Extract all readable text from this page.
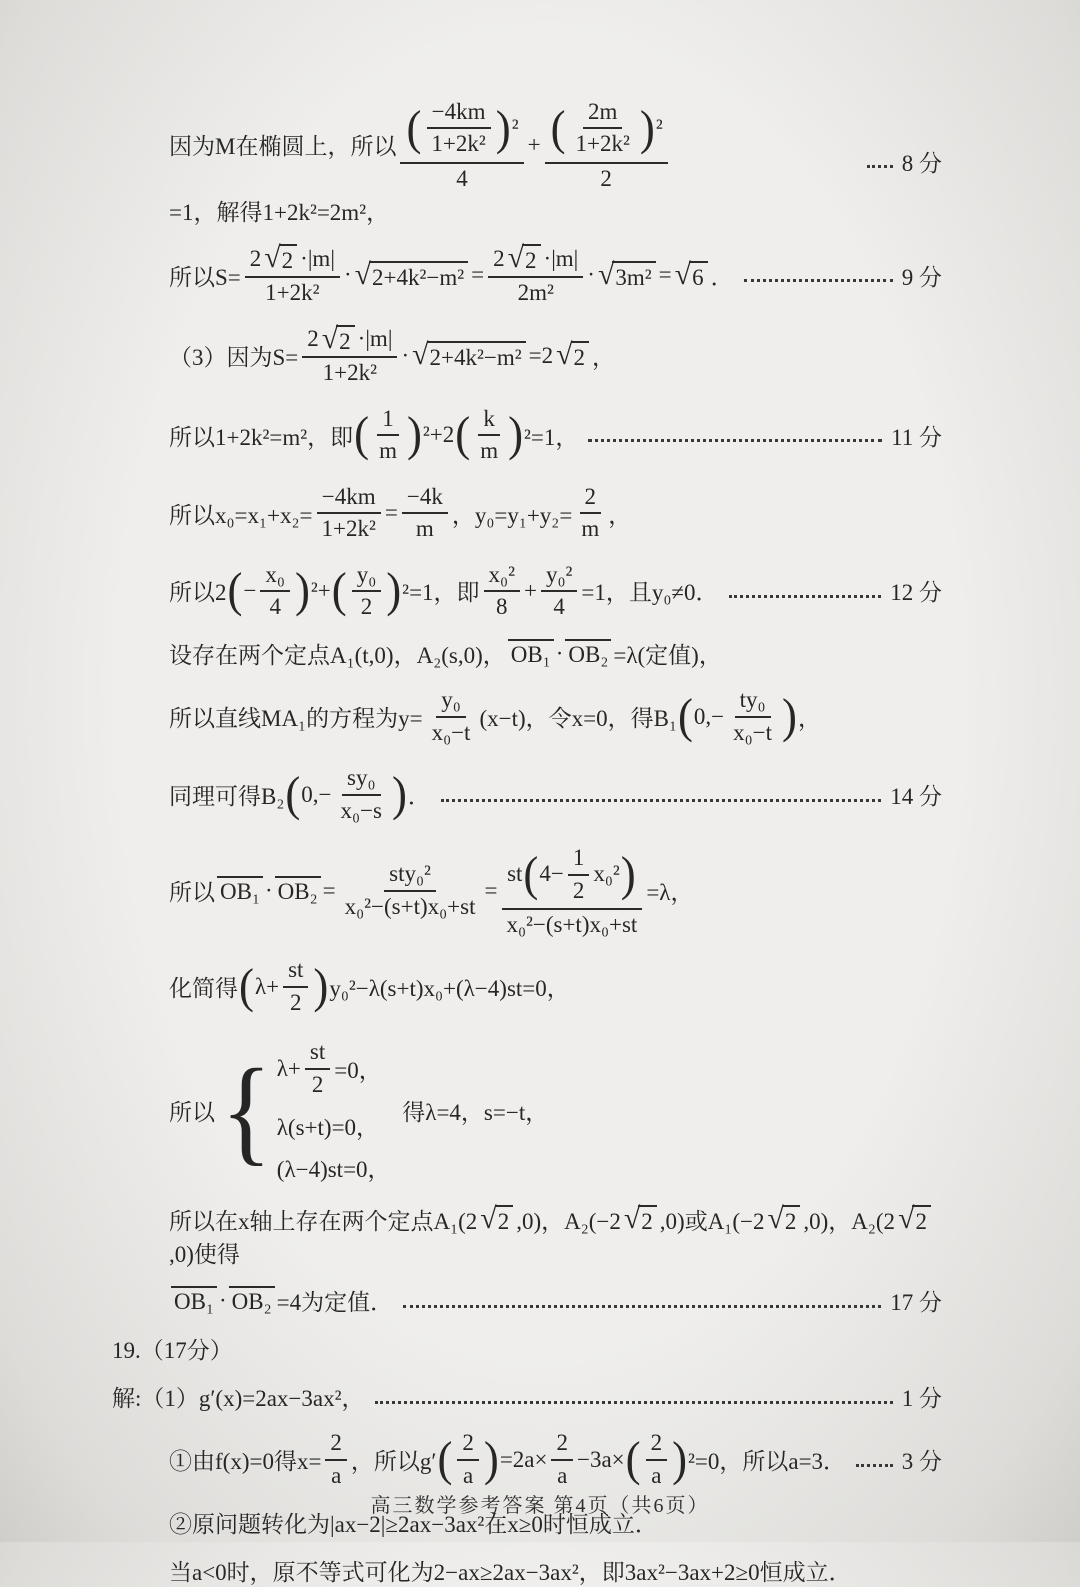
因为M在椭圆上，所以 $\frac{( \frac{-4km}{\text{1+2k²}} ) ^2}{4} + \frac{( \frac{2m}{\text{1+2k²}} ) ^2}{2}$
=1，解得1+2k²=2m²，
8 分
所以$S= \frac{2 √ 2 \cdot|m|}{\text{1+2k²}}$ · √ $2+4k^2-m^2 = \frac{2 √ 2 \cdot|m|}{\text{2m²}}$ · √ 3m² = √ 6 ．	9 分
（3）因为$S= \frac{2 √ 2 \cdot|m|}{\text{1+2k²}}$ · √ 2+4k²−m² =2 √ 2 ，
所以1+2k²=m²，即 ( $\frac{1}{m}$ ) ²+2 ( $\frac{k}{m}$ ) ²=1，	11 分
所以$x_0=x_1+x_2= \frac{-4km}{\text{1+2k²}} = \frac{-4k}{m}$ ，$y_0=y_1+y_2= \frac{2}{m}$ ，
所以2 ( − $\frac{\text{x₀}}{4}$ ) ²+ ( $\frac{\text{y₀}}{2}$ ) ²=1，即 $\frac{\text{x₀²}}{8} + \frac{\text{y₀²}}{4} =1$，且y₀≠0．	12 分
设存在两个定点A₁(t,0)，A₂(s,0)， OB₁ · OB₂ =λ(定值)，
所以直线MA₁的方程为$y= \frac{\text{y₀}}{\text{x₀−t}} (x-t)$，令x=0，得B₁ ( $0,- \frac{\text{ty₀}}{\text{x₀−t}}$ ) ，
同理可得B₂ ( $0,- \frac{\text{sy₀}}{\text{x₀−s}}$ ) ．	14 分
所以 $OB_1 \cdot OB_2 = \frac{\text{sty₀²}}{\text{x₀²−(s+t)x₀+st}} = \frac{st ( 4- \frac{1}{2} x_0^2 )}{\text{x₀²−(s+t)x₀+st}} =\lambda$，
化简得 ( $\lambda+ \frac{st}{2}$ ) y₀²−λ(s+t)x₀+(λ−4)st=0，
所以 { $\lambda+ \frac{st}{2} =0$，
λ(s+t)=0，
(λ−4)st=0，
得λ=4，s=−t，
所以在x轴上存在两个定点A₁(2 √ 2 ,0)，A₂(−2 √ 2 ,0)或A₁(−2 √ 2 ,0)，A₂(2 √ 2
,0)使得
OB₁ · OB₂ =4为定值．	17 分
19.（17分）
解:（1）g′(x)=2ax−3ax²，	1 分
①由f(x)=0得$x= \frac{2}{a}$ ，所以g′ ( $\frac{2}{a}$ ) $=2a\times \frac{2}{a} -3a\times$ ( $\frac{2}{a}$ ) ²=0，所以a=3． 3 分
②原问题转化为|ax−2|≥2ax−3ax²在x≥0时恒成立．
当a<0时，原不等式可化为2−ax≥2ax−3ax²，即3ax²−3ax+2≥0恒成立．
高三数学参考答案 第4页（共6页）
